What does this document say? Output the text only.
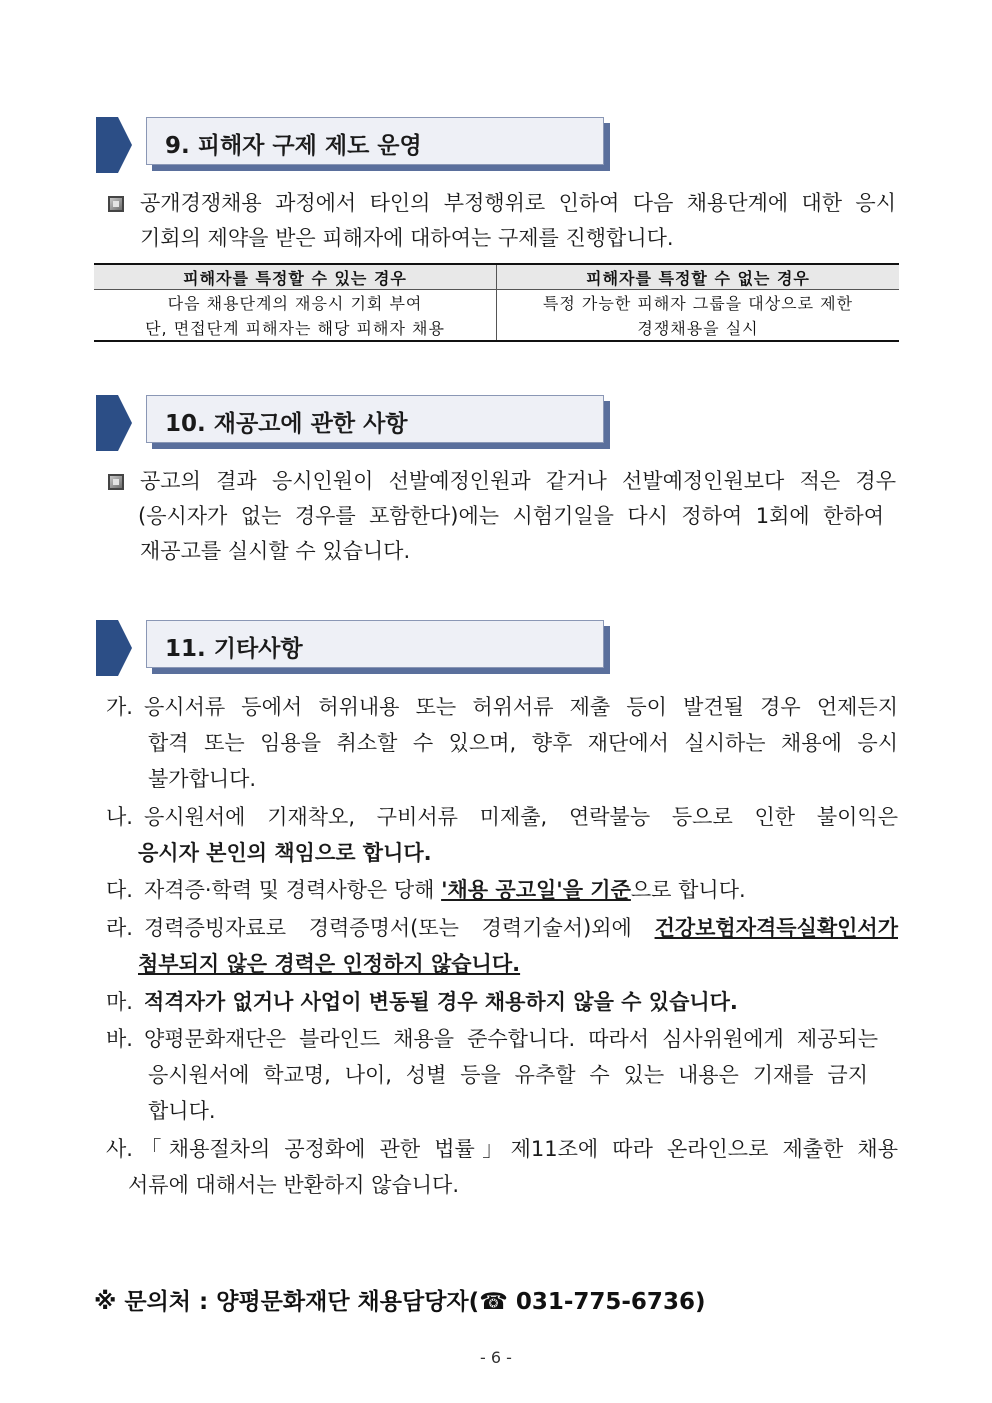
9. 피해자 구제 제도 운영
공개경쟁채용 과정에서 타인의 부정행위로 인하여 다음 채용단계에 대한 응시
기회의 제약을 받은 피해자에 대하여는 구제를 진행합니다.
피해자를 특정할 수 있는 경우	피해자를 특정할 수 없는 경우
다음 채용단계의 재응시 기회 부여	특정 가능한 피해자 그룹을 대상으로 제한
단, 면접단계 피해자는 해당 피해자 채용	경쟁채용을 실시
10. 재공고에 관한 사항
공고의 결과 응시인원이 선발예정인원과 같거나 선발예정인원보다 적은 경우
(응시자가 없는 경우를 포함한다)에는 시험기일을 다시 정하여 1회에 한하여
재공고를 실시할 수 있습니다.
11. 기타사항
가. 응시서류 등에서 허위내용 또는 허위서류 제출 등이 발견될 경우 언제든지
합격 또는 임용을 취소할 수 있으며, 향후 재단에서 실시하는 채용에 응시
불가합니다.
나. 응시원서에 기재착오, 구비서류 미제출, 연락불능 등으로 인한 불이익은
응시자 본인의 책임으로 합니다.
다. 자격증·학력 및 경력사항은 당해 '채용 공고일'을 기준으로 합니다.
라. 경력증빙자료로 경력증명서(또는 경력기술서)외에 건강보험자격득실확인서가
첨부되지 않은 경력은 인정하지 않습니다.
마. 적격자가 없거나 사업이 변동될 경우 채용하지 않을 수 있습니다.
바. 양평문화재단은 블라인드 채용을 준수합니다. 따라서 심사위원에게 제공되는
응시원서에 학교명, 나이, 성별 등을 유추할 수 있는 내용은 기재를 금지
합니다.
사.「채용절차의 공정화에 관한 법률」제11조에 따라 온라인으로 제출한 채용
서류에 대해서는 반환하지 않습니다.
※ 문의처 : 양평문화재단 채용담당자(☎ 031-775-6736)
- 6 -
